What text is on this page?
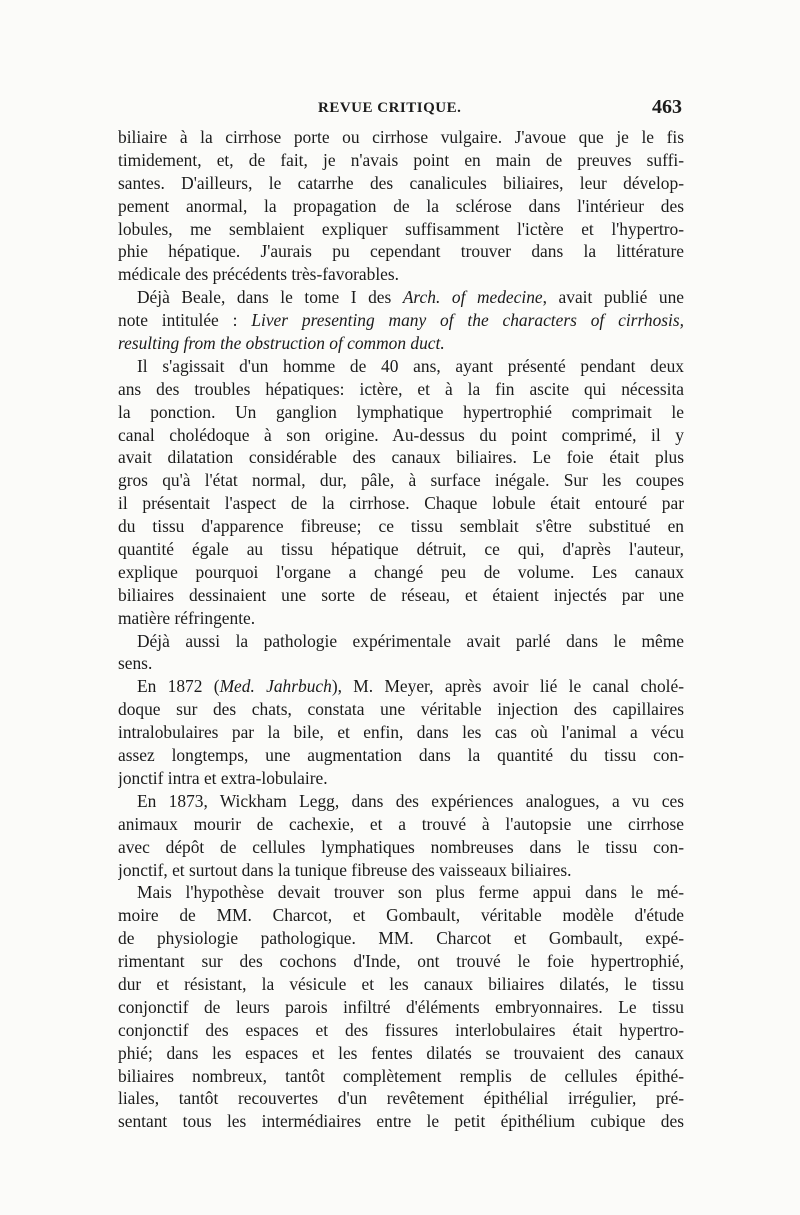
REVUE CRITIQUE.	463
biliaire à la cirrhose porte ou cirrhose vulgaire. J'avoue que je le fis
timidement, et, de fait, je n'avais point en main de preuves suffi-
santes. D'ailleurs, le catarrhe des canalicules biliaires, leur dévelop-
pement anormal, la propagation de la sclérose dans l'intérieur des
lobules, me semblaient expliquer suffisamment l'ictère et l'hypertro-
phie hépatique. J'aurais pu cependant trouver dans la littérature
médicale des précédents très-favorables.
Déjà Beale, dans le tome I des Arch. of medecine, avait publié une
note intitulée : Liver presenting many of the characters of cirrhosis,
resulting from the obstruction of common duct.
Il s'agissait d'un homme de 40 ans, ayant présenté pendant deux
ans des troubles hépatiques: ictère, et à la fin ascite qui nécessita
la ponction. Un ganglion lymphatique hypertrophié comprimait le
canal cholédoque à son origine. Au-dessus du point comprimé, il y
avait dilatation considérable des canaux biliaires. Le foie était plus
gros qu'à l'état normal, dur, pâle, à surface inégale. Sur les coupes
il présentait l'aspect de la cirrhose. Chaque lobule était entouré par
du tissu d'apparence fibreuse; ce tissu semblait s'être substitué en
quantité égale au tissu hépatique détruit, ce qui, d'après l'auteur,
explique pourquoi l'organe a changé peu de volume. Les canaux
biliaires dessinaient une sorte de réseau, et étaient injectés par une
matière réfringente.
Déjà aussi la pathologie expérimentale avait parlé dans le même
sens.
En 1872 (Med. Jahrbuch), M. Meyer, après avoir lié le canal cholé-
doque sur des chats, constata une véritable injection des capillaires
intralobulaires par la bile, et enfin, dans les cas où l'animal a vécu
assez longtemps, une augmentation dans la quantité du tissu con-
jonctif intra et extra-lobulaire.
En 1873, Wickham Legg, dans des expériences analogues, a vu ces
animaux mourir de cachexie, et a trouvé à l'autopsie une cirrhose
avec dépôt de cellules lymphatiques nombreuses dans le tissu con-
jonctif, et surtout dans la tunique fibreuse des vaisseaux biliaires.
Mais l'hypothèse devait trouver son plus ferme appui dans le mé-
moire de MM. Charcot, et Gombault, véritable modèle d'étude
de physiologie pathologique. MM. Charcot et Gombault, expé-
rimentant sur des cochons d'Inde, ont trouvé le foie hypertrophié,
dur et résistant, la vésicule et les canaux biliaires dilatés, le tissu
conjonctif de leurs parois infiltré d'éléments embryonnaires. Le tissu
conjonctif des espaces et des fissures interlobulaires était hypertro-
phié; dans les espaces et les fentes dilatés se trouvaient des canaux
biliaires nombreux, tantôt complètement remplis de cellules épithé-
liales, tantôt recouvertes d'un revêtement épithélial irrégulier, pré-
sentant tous les intermédiaires entre le petit épithélium cubique des
